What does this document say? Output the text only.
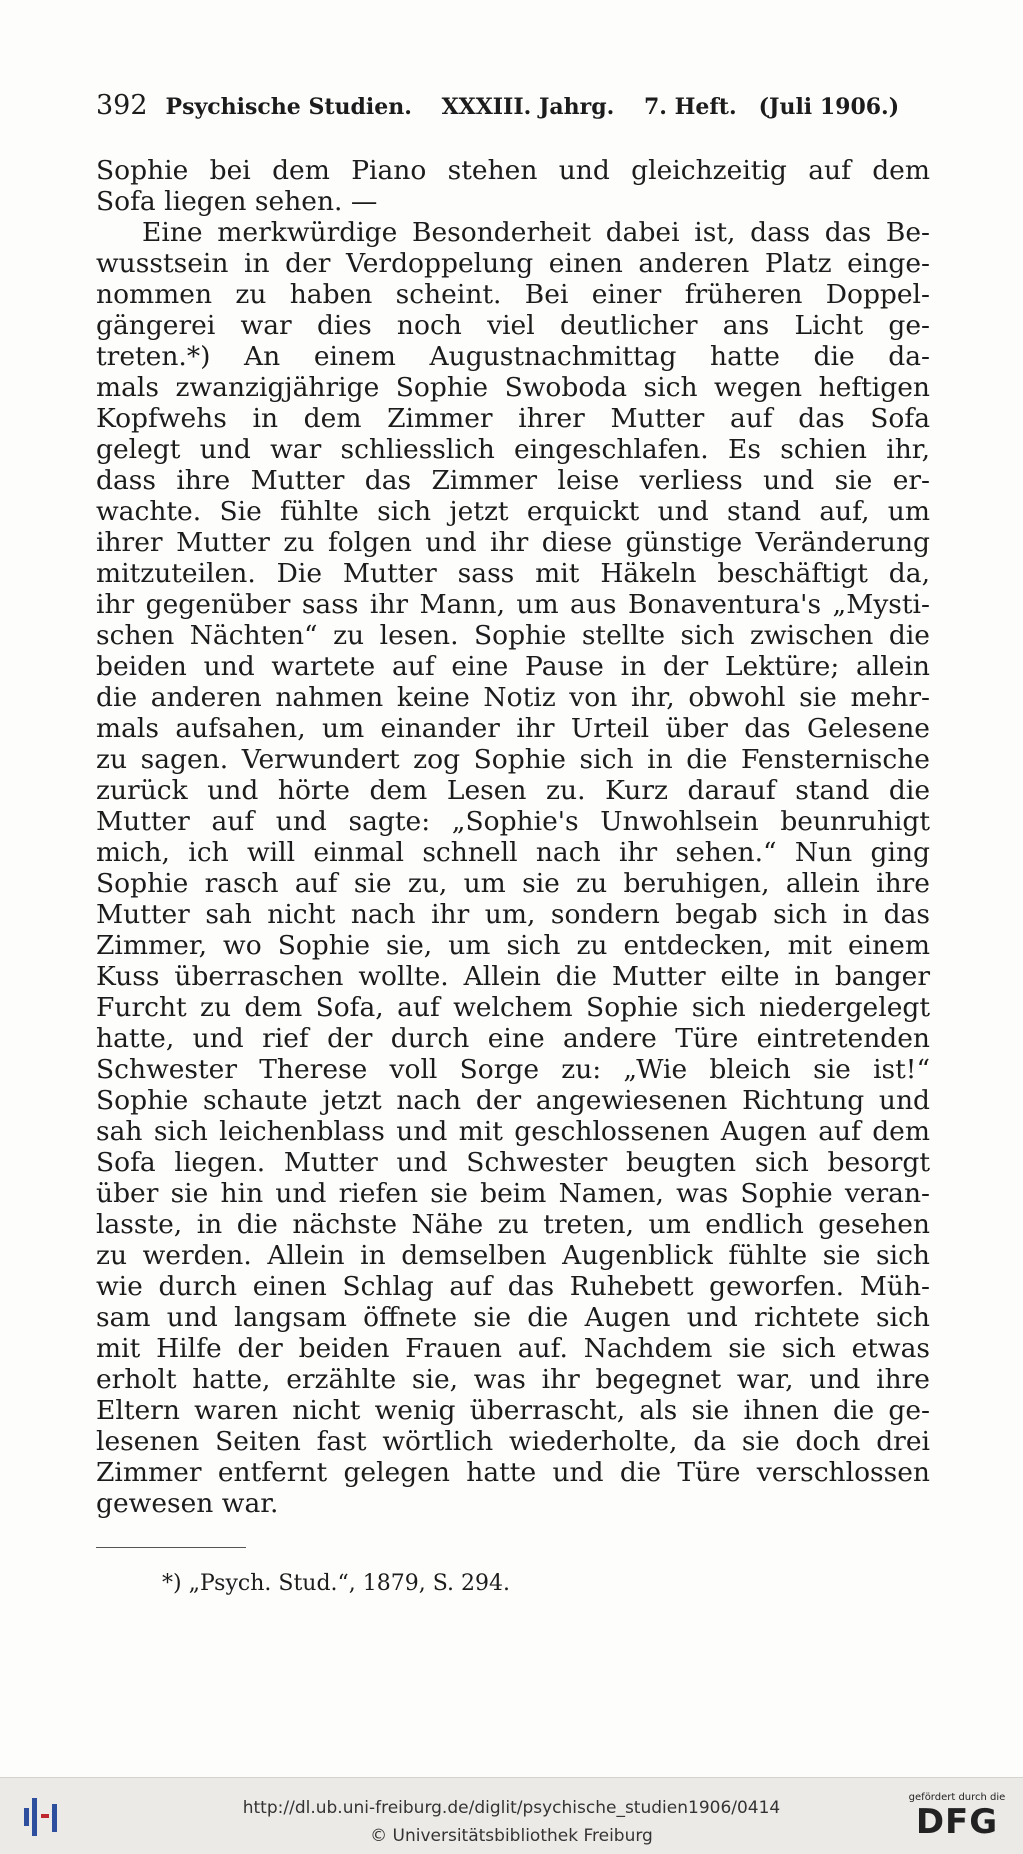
392 Psychische Studien. XXXIII. Jahrg. 7. Heft.	(Juli 1906.)
Sophie bei dem Piano stehen und gleichzeitig auf dem
Sofa liegen sehen. —
Eine merkwürdige Besonderheit dabei ist, dass das Be-
wusstsein in der Verdoppelung einen anderen Platz einge-
nommen zu haben scheint. Bei einer früheren Doppel-
gängerei war dies noch viel deutlicher ans Licht ge-
treten.*) An einem Augustnachmittag hatte die da-
mals zwanzigjährige Sophie Swoboda sich wegen heftigen
Kopfwehs in dem Zimmer ihrer Mutter auf das Sofa
gelegt und war schliesslich eingeschlafen. Es schien ihr,
dass ihre Mutter das Zimmer leise verliess und sie er-
wachte. Sie fühlte sich jetzt erquickt und stand auf, um
ihrer Mutter zu folgen und ihr diese günstige Veränderung
mitzuteilen. Die Mutter sass mit Häkeln beschäftigt da,
ihr gegenüber sass ihr Mann, um aus Bonaventura's „Mysti-
schen Nächten“ zu lesen. Sophie stellte sich zwischen die
beiden und wartete auf eine Pause in der Lektüre; allein
die anderen nahmen keine Notiz von ihr, obwohl sie mehr-
mals aufsahen, um einander ihr Urteil über das Gelesene
zu sagen. Verwundert zog Sophie sich in die Fensternische
zurück und hörte dem Lesen zu. Kurz darauf stand die
Mutter auf und sagte: „Sophie's Unwohlsein beunruhigt
mich, ich will einmal schnell nach ihr sehen.“ Nun ging
Sophie rasch auf sie zu, um sie zu beruhigen, allein ihre
Mutter sah nicht nach ihr um, sondern begab sich in das
Zimmer, wo Sophie sie, um sich zu entdecken, mit einem
Kuss überraschen wollte. Allein die Mutter eilte in banger
Furcht zu dem Sofa, auf welchem Sophie sich niedergelegt
hatte, und rief der durch eine andere Türe eintretenden
Schwester Therese voll Sorge zu: „Wie bleich sie ist!“
Sophie schaute jetzt nach der angewiesenen Richtung und
sah sich leichenblass und mit geschlossenen Augen auf dem
Sofa liegen. Mutter und Schwester beugten sich besorgt
über sie hin und riefen sie beim Namen, was Sophie veran-
lasste, in die nächste Nähe zu treten, um endlich gesehen
zu werden. Allein in demselben Augenblick fühlte sie sich
wie durch einen Schlag auf das Ruhebett geworfen. Müh-
sam und langsam öffnete sie die Augen und richtete sich
mit Hilfe der beiden Frauen auf. Nachdem sie sich etwas
erholt hatte, erzählte sie, was ihr begegnet war, und ihre
Eltern waren nicht wenig überrascht, als sie ihnen die ge-
lesenen Seiten fast wörtlich wiederholte, da sie doch drei
Zimmer entfernt gelegen hatte und die Türe verschlossen
gewesen war.
*) „Psych. Stud.“, 1879, S. 294.
http://dl.ub.uni-freiburg.de/diglit/psychische_studien1906/0414
© Universitätsbibliothek Freiburg
gefördert durch die
DFG
